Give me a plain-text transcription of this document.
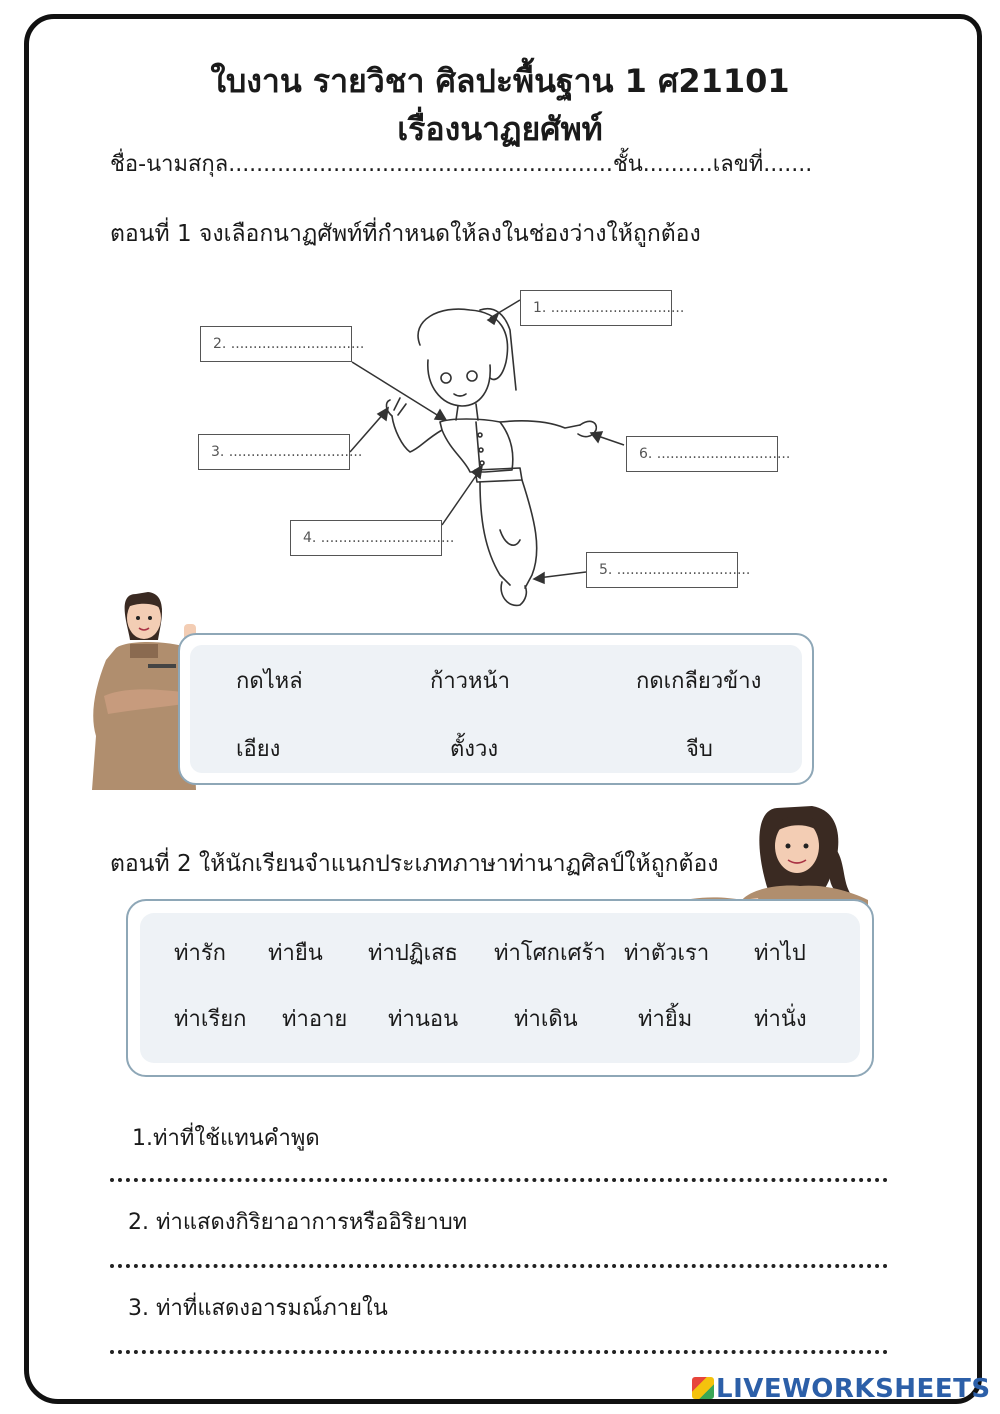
ใบงาน รายวิชา ศิลปะพื้นฐาน 1 ศ21101
เรื่องนาฏยศัพท์
ชื่อ-นามสกุล.......................................................ชั้น..........เลขที่.......
ตอนที่ 1 จงเลือกนาฏศัพท์ที่กำหนดให้ลงในช่องว่างให้ถูกต้อง
1. ..............................
2. ..............................
3. ..............................
4. ..............................
5. ..............................
6. ..............................
กดไหล่	ก้าวหน้า	กดเกลียวข้าง
เอียง	ตั้งวง	จีบ
ตอนที่ 2 ให้นักเรียนจำแนกประเภทภาษาท่านาฏศิลป์ให้ถูกต้อง
ท่ารัก ท่ายืน ท่าปฏิเสธ ท่าโศกเศร้า ท่าตัวเรา ท่าไป
ท่าเรียก ท่าอาย ท่านอน	ท่าเดิน	ท่ายิ้ม	ท่านั่ง
1.ท่าที่ใช้แทนคำพูด
2. ท่าแสดงกิริยาอาการหรืออิริยาบท
3. ท่าที่แสดงอารมณ์ภายใน
LIVEWORKSHEETS
